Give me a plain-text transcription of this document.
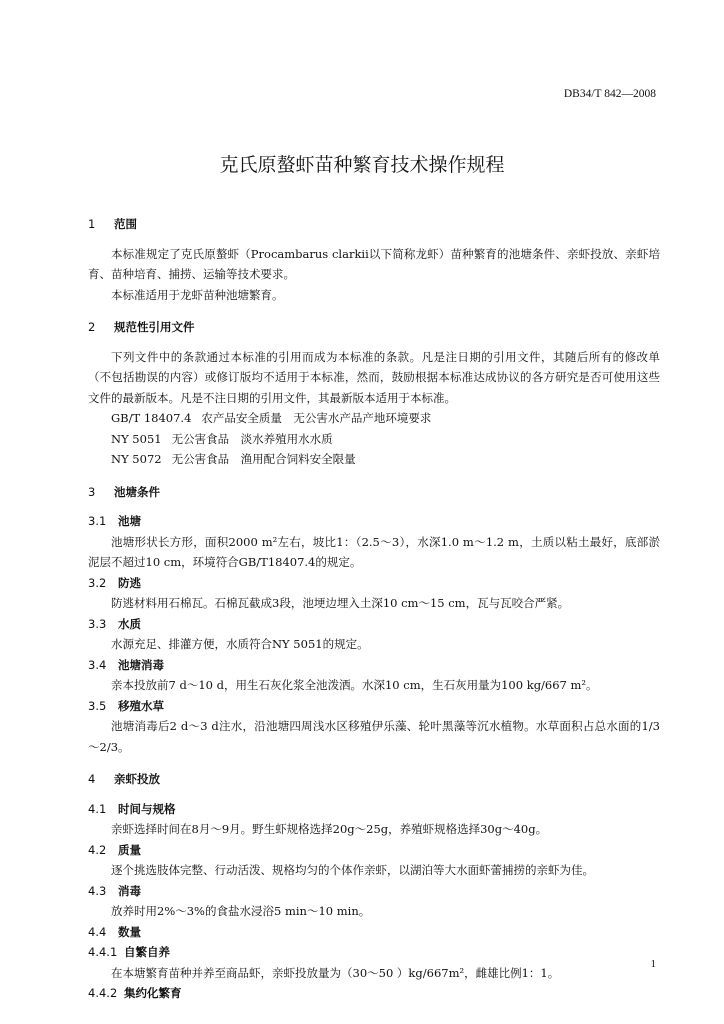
DB34/T 842—2008
克氏原螯虾苗种繁育技术操作规程
1 范围

本标准规定了克氏原螯虾（Procambarus clarkii以下简称龙虾）苗种繁育的池塘条件、亲虾投放、亲虾培育、苗种培育、捕捞、运输等技术要求。

本标准适用于龙虾苗种池塘繁育。

2 规范性引用文件

下列文件中的条款通过本标准的引用而成为本标准的条款。凡是注日期的引用文件，其随后所有的修改单（不包括勘误的内容）或修订版均不适用于本标准，然而，鼓励根据本标准达成协议的各方研究是否可使用这些文件的最新版本。凡是不注日期的引用文件，其最新版本适用于本标准。

GB/T 18407.4 农产品安全质量　无公害水产品产地环境要求

NY 5051 无公害食品　淡水养殖用水水质

NY 5072 无公害食品　渔用配合饲料安全限量

3 池塘条件
3.1 池塘

池塘形状长方形，面积2000 m²左右，坡比1：（2.5～3），水深1.0 m～1.2 m，土质以粘土最好，底部淤泥层不超过10 cm，环境符合GB/T18407.4的规定。

3.2 防逃

防逃材料用石棉瓦。石棉瓦截成3段，池埂边埋入土深10 cm～15 cm，瓦与瓦咬合严紧。

3.3 水质

水源充足、排灌方便，水质符合NY 5051的规定。

3.4 池塘消毒

亲本投放前7 d～10 d，用生石灰化浆全池泼洒。水深10 cm，生石灰用量为100 kg/667 m²。

3.5 移殖水草

池塘消毒后2 d～3 d注水，沿池塘四周浅水区移殖伊乐藻、轮叶黑藻等沉水植物。水草面积占总水面的1/3～2/3。

4 亲虾投放
4.1 时间与规格

亲虾选择时间在8月～9月。野生虾规格选择20g～25g，养殖虾规格选择30g～40g。

4.2 质量

逐个挑选肢体完整、行动活泼、规格均匀的个体作亲虾，以湖泊等大水面虾蕾捕捞的亲虾为佳。

4.3 消毒

放养时用2%～3%的食盐水浸浴5 min～10 min。

4.4 数量
4.4.1 自繁自养

在本塘繁育苗种并养至商品虾，亲虾投放量为（30～50 ）kg/667m²，雌雄比例1：1。

4.4.2 集约化繁育
1
